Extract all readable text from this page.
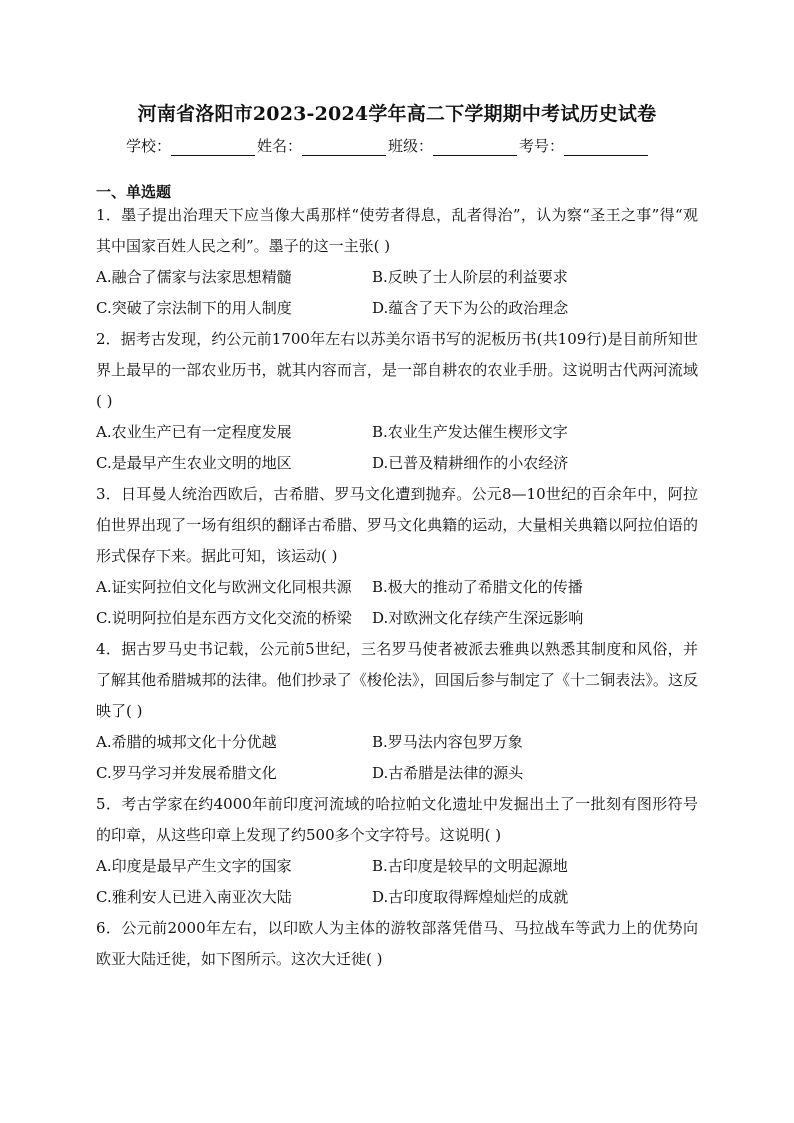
河南省洛阳市2023-2024学年高二下学期期中考试历史试卷
学校：	姓名：	班级：	考号：
一、单选题

1．墨子提出治理天下应当像大禹那样“使劳者得息，乱者得治”，认为察“圣王之事”得“观其中国家百姓人民之利”。墨子的这一主张( )

A.融合了儒家与法家思想精髓	B.反映了士人阶层的利益要求
C.突破了宗法制下的用人制度	D.蕴含了天下为公的政治理念

2．据考古发现，约公元前1700年左右以苏美尔语书写的泥板历书(共109行)是目前所知世界上最早的一部农业历书，就其内容而言，是一部自耕农的农业手册。这说明古代两河流域( )

A.农业生产已有一定程度发展	B.农业生产发达催生楔形文字
C.是最早产生农业文明的地区	D.已普及精耕细作的小农经济

3．日耳曼人统治西欧后，古希腊、罗马文化遭到抛弃。公元8—10世纪的百余年中，阿拉伯世界出现了一场有组织的翻译古希腊、罗马文化典籍的运动，大量相关典籍以阿拉伯语的形式保存下来。据此可知，该运动( )

A.证实阿拉伯文化与欧洲文化同根共源 B.极大的推动了希腊文化的传播
C.说明阿拉伯是东西方文化交流的桥梁 D.对欧洲文化存续产生深远影响

4．据古罗马史书记载，公元前5世纪，三名罗马使者被派去雅典以熟悉其制度和风俗，并了解其他希腊城邦的法律。他们抄录了《梭伦法》，回国后参与制定了《十二铜表法》。这反映了( )

A.希腊的城邦文化十分优越	B.罗马法内容包罗万象
C.罗马学习并发展希腊文化	D.古希腊是法律的源头

5．考古学家在约4000年前印度河流域的哈拉帕文化遗址中发掘出土了一批刻有图形符号的印章，从这些印章上发现了约500多个文字符号。这说明( )

A.印度是最早产生文字的国家	B.古印度是较早的文明起源地
C.雅利安人已进入南亚次大陆	D.古印度取得辉煌灿烂的成就

6．公元前2000年左右，以印欧人为主体的游牧部落凭借马、马拉战车等武力上的优势向欧亚大陆迁徙，如下图所示。这次大迁徙( )
